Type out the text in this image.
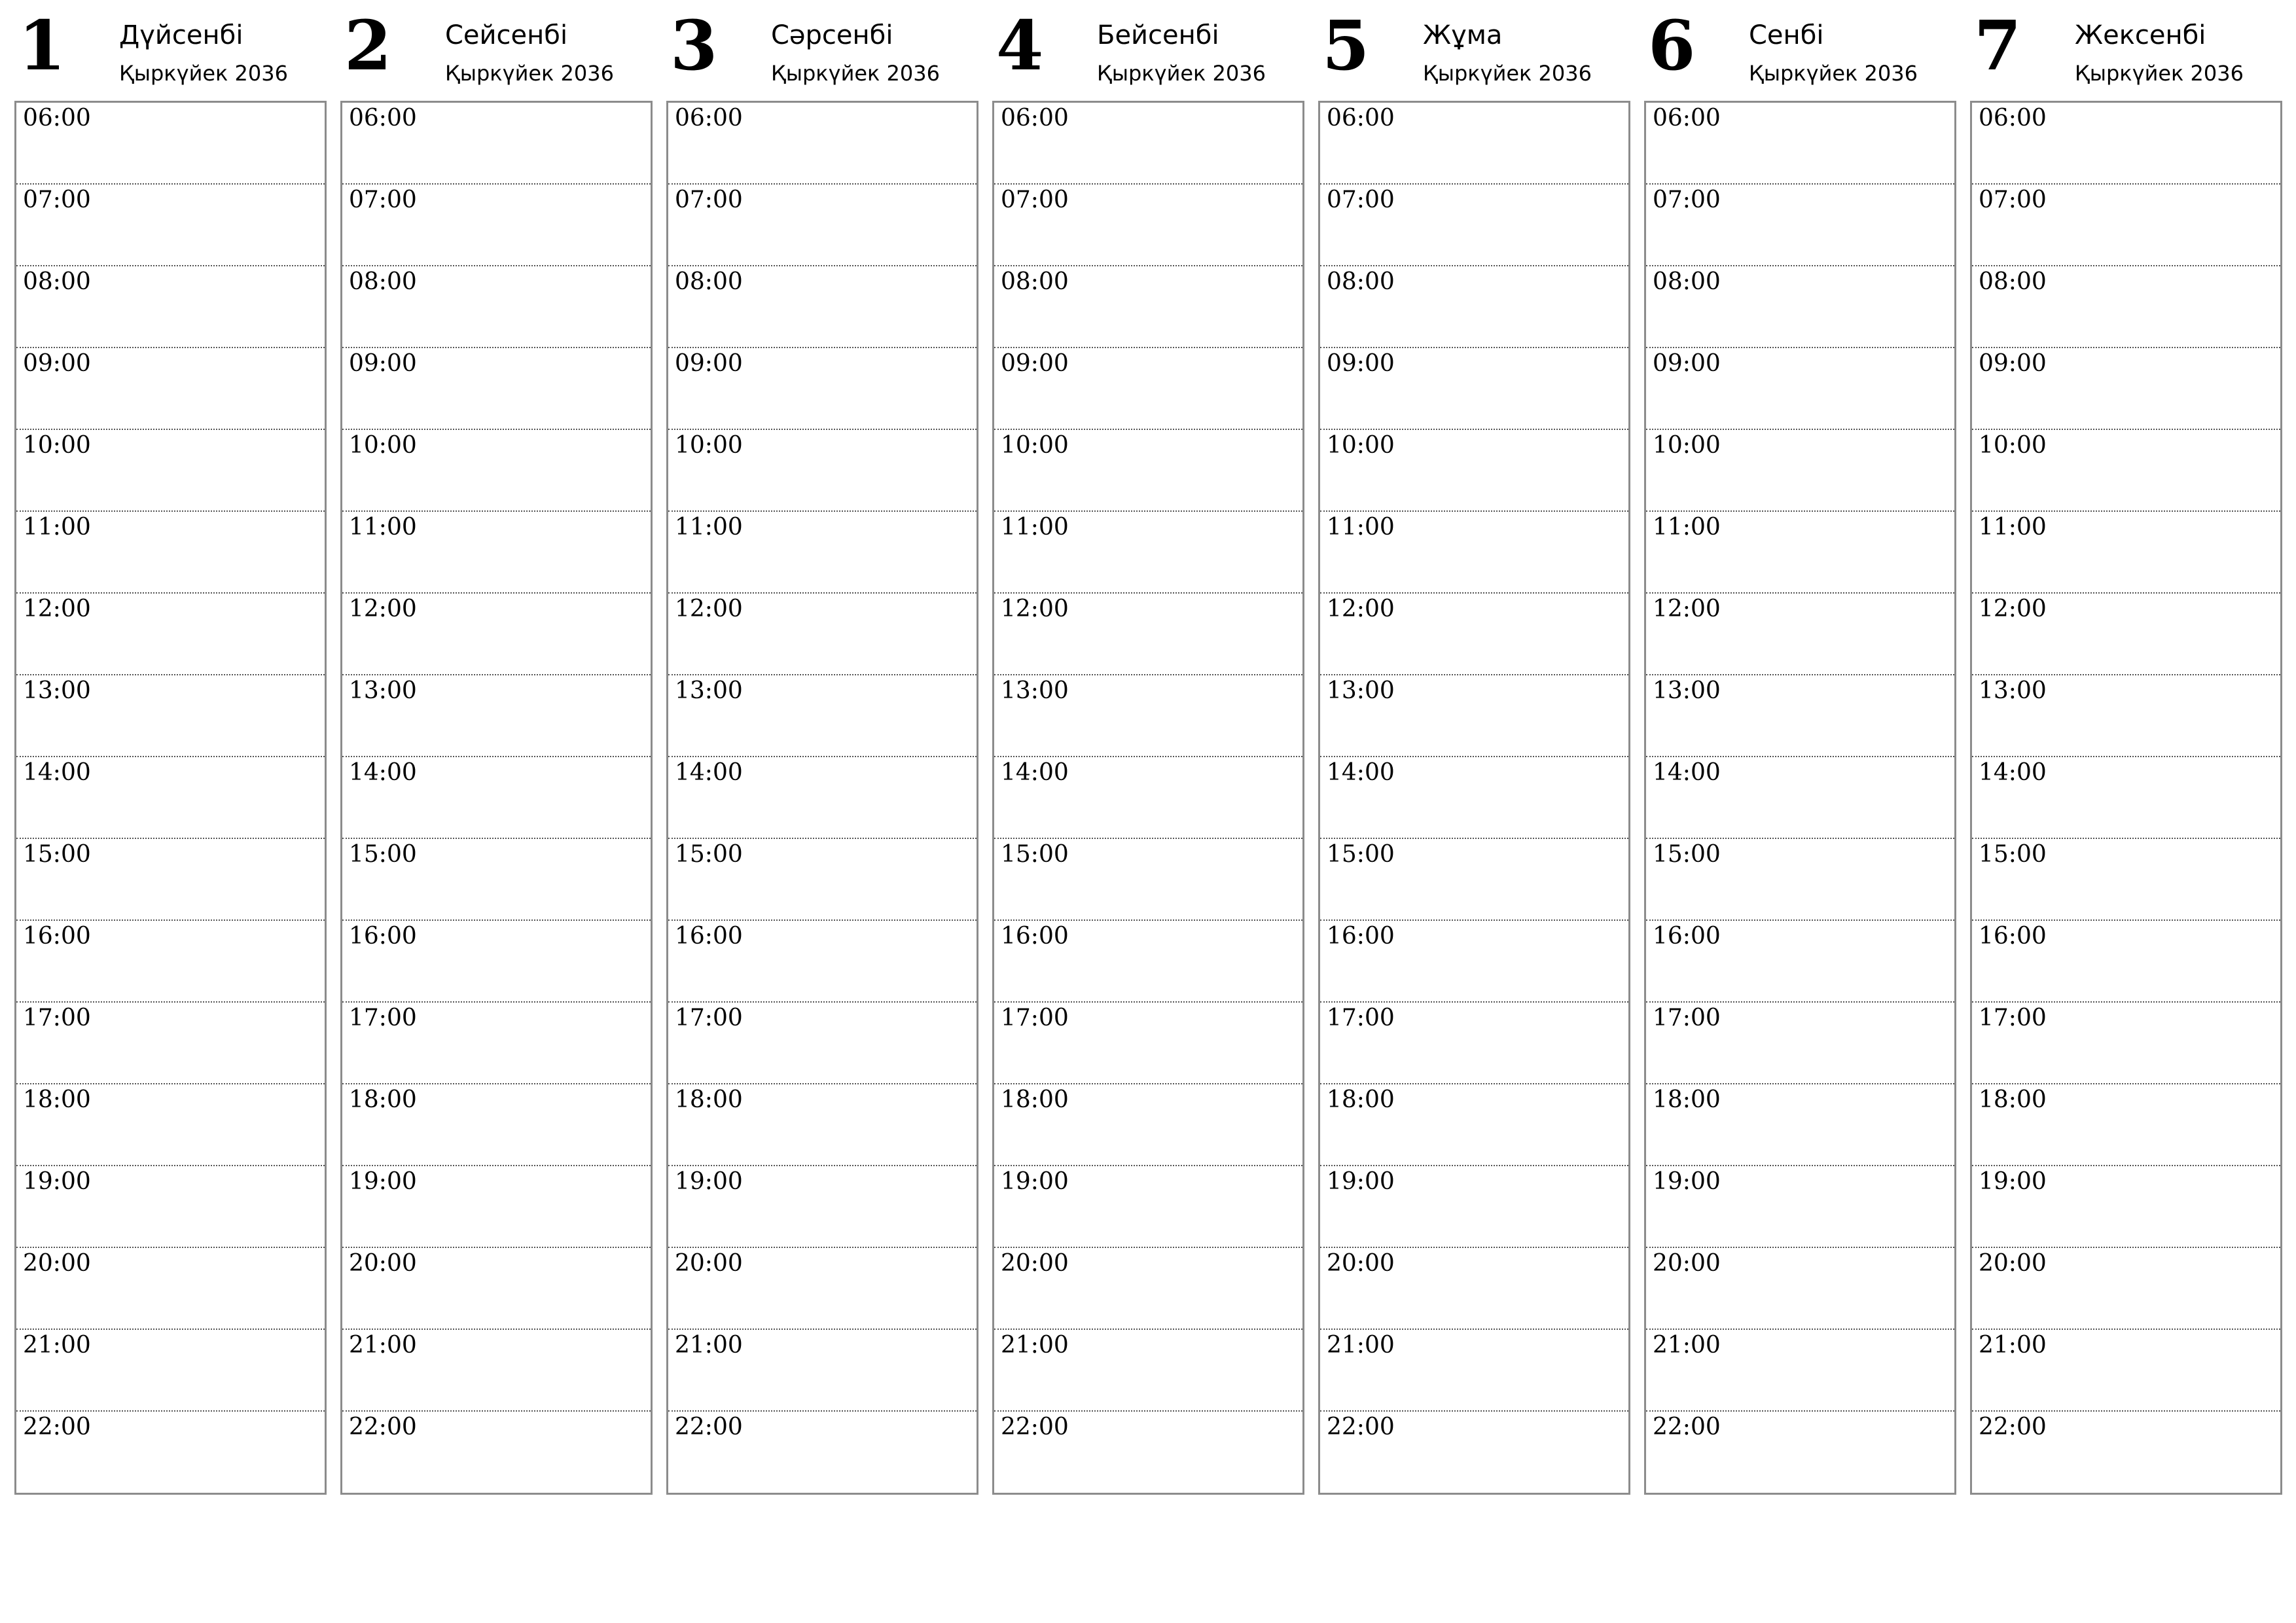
1 Дүйсенбі
Қыркүйек 2036
06:00
07:00
08:00
09:00
10:00
11:00
12:00
13:00
14:00
15:00
16:00
17:00
18:00
19:00
20:00
21:00
22:00
2 Сейсенбі
Қыркүйек 2036
06:00
07:00
08:00
09:00
10:00
11:00
12:00
13:00
14:00
15:00
16:00
17:00
18:00
19:00
20:00
21:00
22:00
3 Сәрсенбі
Қыркүйек 2036
06:00
07:00
08:00
09:00
10:00
11:00
12:00
13:00
14:00
15:00
16:00
17:00
18:00
19:00
20:00
21:00
22:00
4 Бейсенбі
Қыркүйек 2036
06:00
07:00
08:00
09:00
10:00
11:00
12:00
13:00
14:00
15:00
16:00
17:00
18:00
19:00
20:00
21:00
22:00
5 Жұма
Қыркүйек 2036
06:00
07:00
08:00
09:00
10:00
11:00
12:00
13:00
14:00
15:00
16:00
17:00
18:00
19:00
20:00
21:00
22:00
6 Сенбі
Қыркүйек 2036
06:00
07:00
08:00
09:00
10:00
11:00
12:00
13:00
14:00
15:00
16:00
17:00
18:00
19:00
20:00
21:00
22:00
7 Жексенбі
Қыркүйек 2036
06:00
07:00
08:00
09:00
10:00
11:00
12:00
13:00
14:00
15:00
16:00
17:00
18:00
19:00
20:00
21:00
22:00
